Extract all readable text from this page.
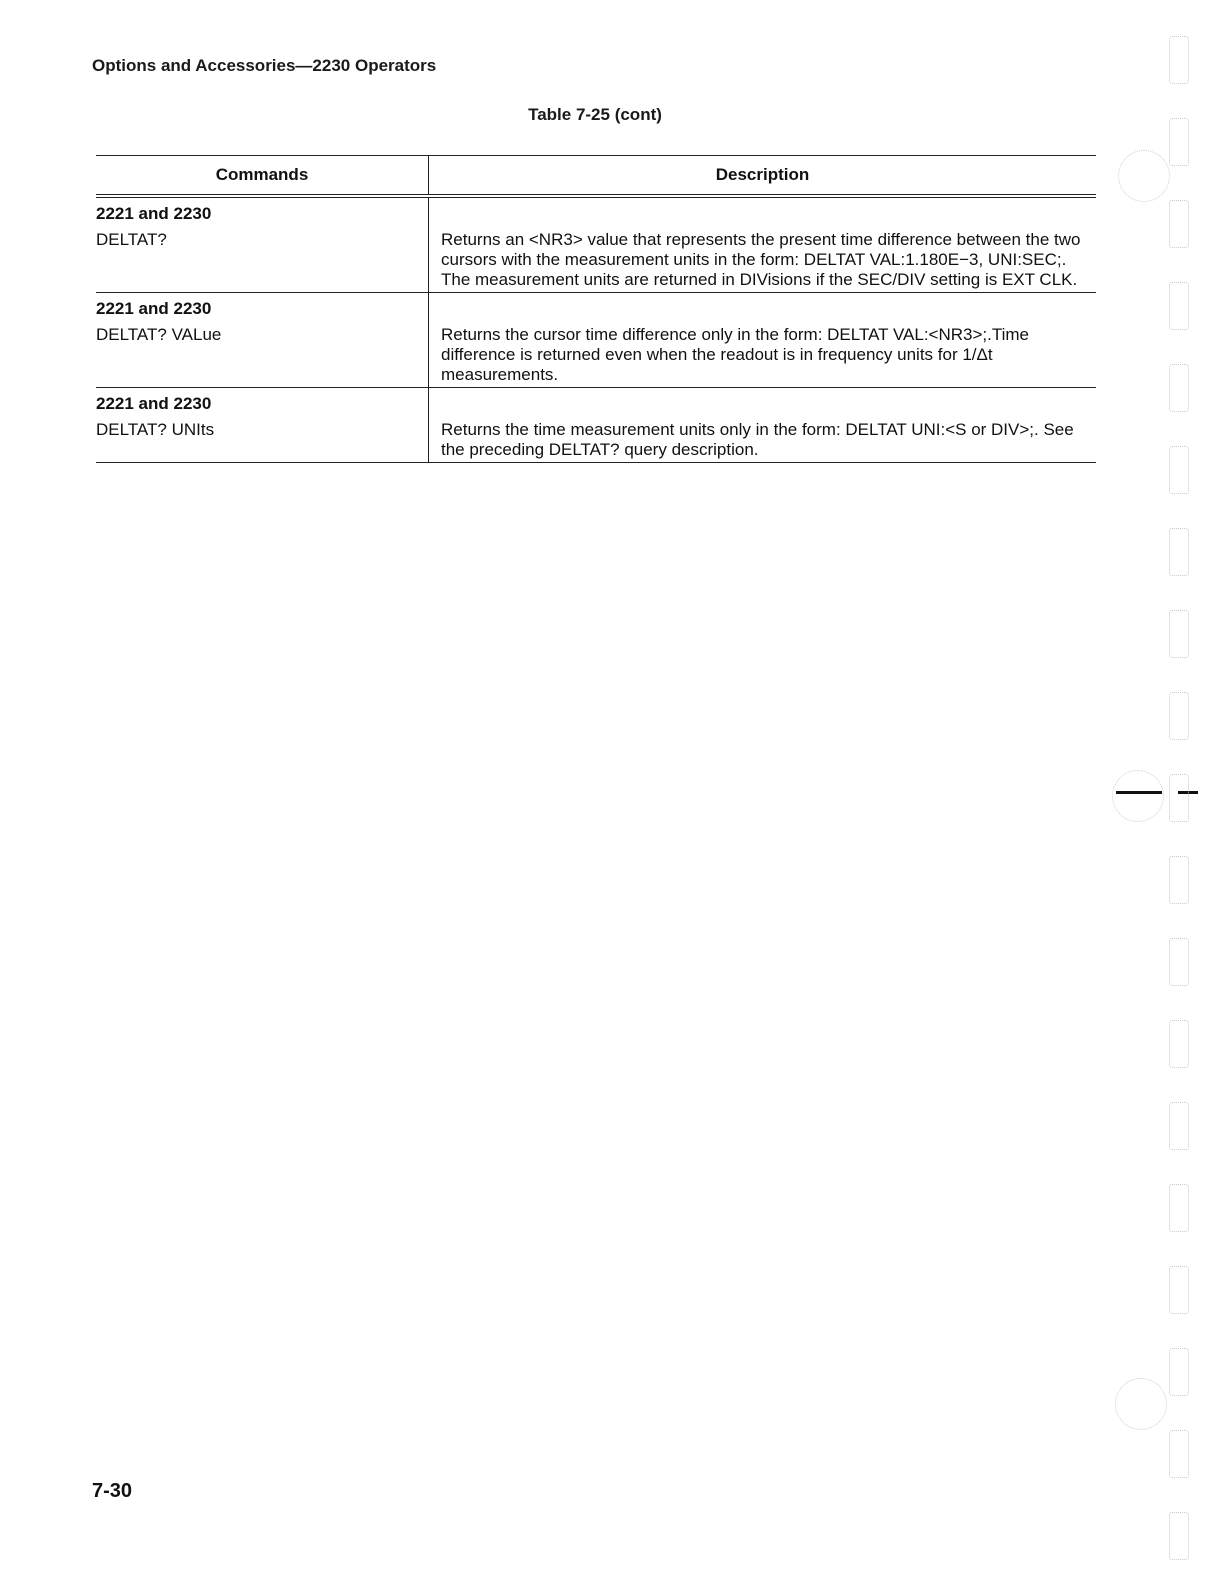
Options and Accessories—2230 Operators
Table 7-25 (cont)
Commands	Description

2221 and 2230
DELTAT?	Returns an <NR3> value that represents the present time difference between the two cursors with the measurement units in the form: DELTAT VAL:1.180E−3, UNI:SEC;. The measurement units are returned in DIVisions if the SEC/DIV setting is EXT CLK.

2221 and 2230
DELTAT? VALue	Returns the cursor time difference only in the form: DELTAT VAL:<NR3>;.Time difference is returned even when the readout is in frequency units for 1/Δt measurements.

2221 and 2230
DELTAT? UNIts	Returns the time measurement units only in the form: DELTAT UNI:<S or DIV>;. See the preceding DELTAT? query description.
7-30
